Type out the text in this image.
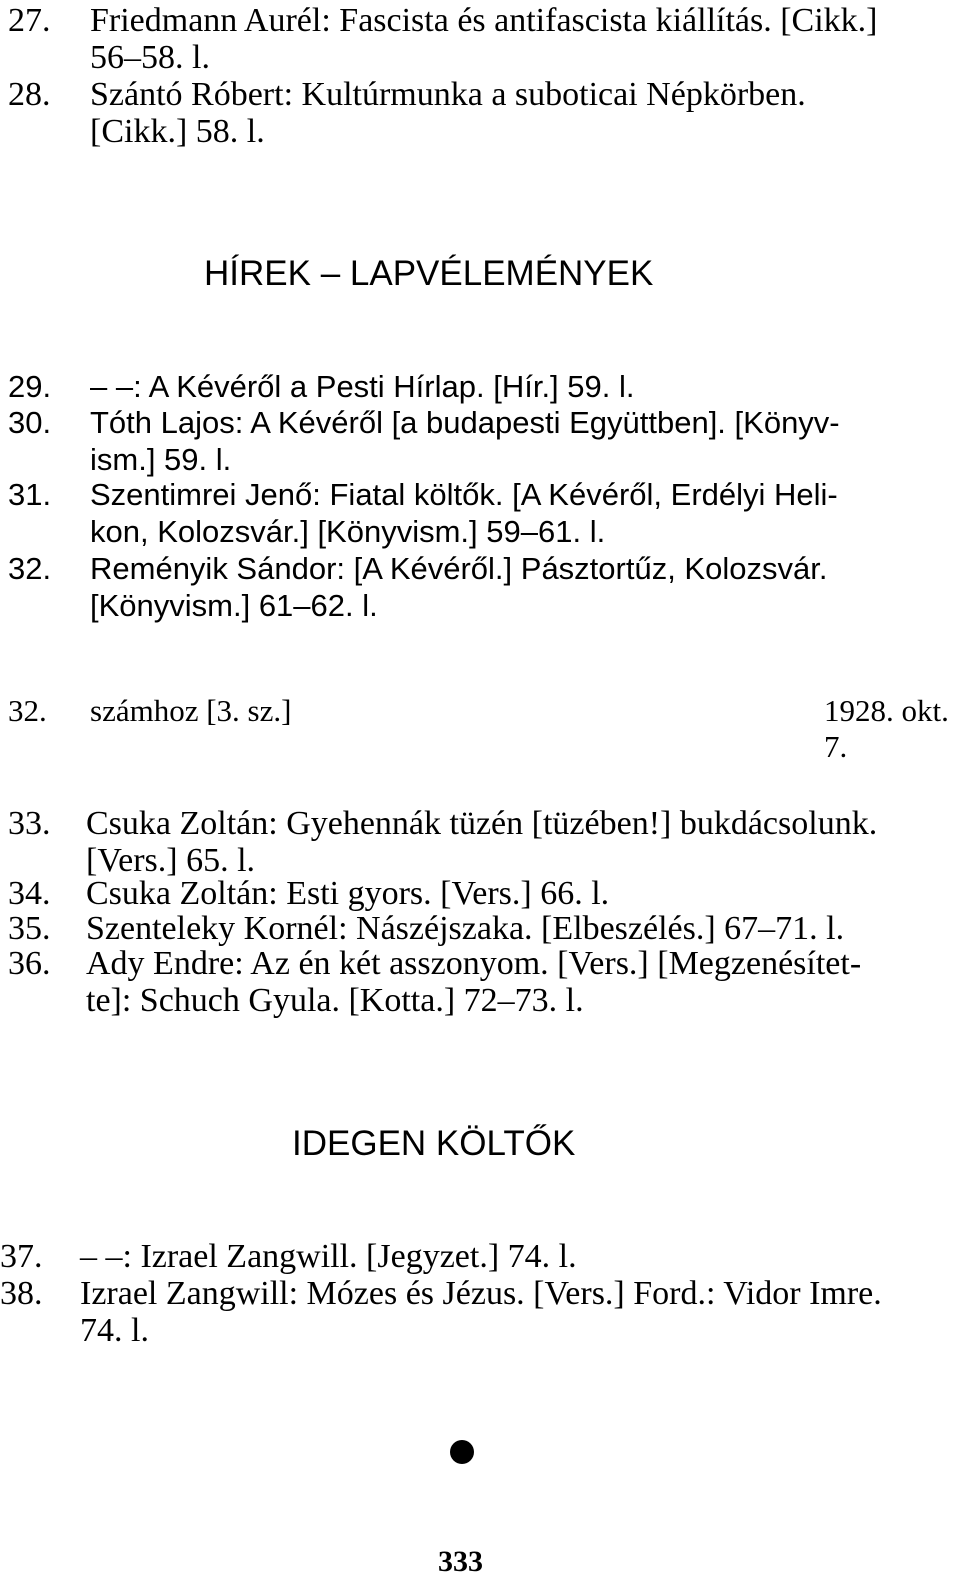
27. Friedmann Aurél: Fascista és antifascista kiállítás. [Cikk.]
56–58. l.
28. Szántó Róbert: Kultúrmunka a suboticai Népkörben.
[Cikk.] 58. l.
HÍREK – LAPVÉLEMÉNYEK
29. – –: A Kévéről a Pesti Hírlap. [Hír.] 59. l.
30. Tóth Lajos: A Kévéről [a budapesti Együttben]. [Könyv-
ism.] 59. l.
31. Szentimrei Jenő: Fiatal költők. [A Kévéről, Erdélyi Heli-
kon, Kolozsvár.] [Könyvism.] 59–61. l.
32. Reményik Sándor: [A Kévéről.] Pásztortűz, Kolozsvár.
[Könyvism.] 61–62. l.
32. számhoz [3. sz.]	1928. okt. 7.
33. Csuka Zoltán: Gyehennák tüzén [tüzében!] bukdácsolunk.
[Vers.] 65. l.
34. Csuka Zoltán: Esti gyors. [Vers.] 66. l.
35. Szenteleky Kornél: Nászéjszaka. [Elbeszélés.] 67–71. l.
36. Ady Endre: Az én két asszonyom. [Vers.] [Megzenésítet-
te]: Schuch Gyula. [Kotta.] 72–73. l.
IDEGEN KÖLTŐK
37. – –: Izrael Zangwill. [Jegyzet.] 74. l.
38. Izrael Zangwill: Mózes és Jézus. [Vers.] Ford.: Vidor Imre.
74. l.
333
